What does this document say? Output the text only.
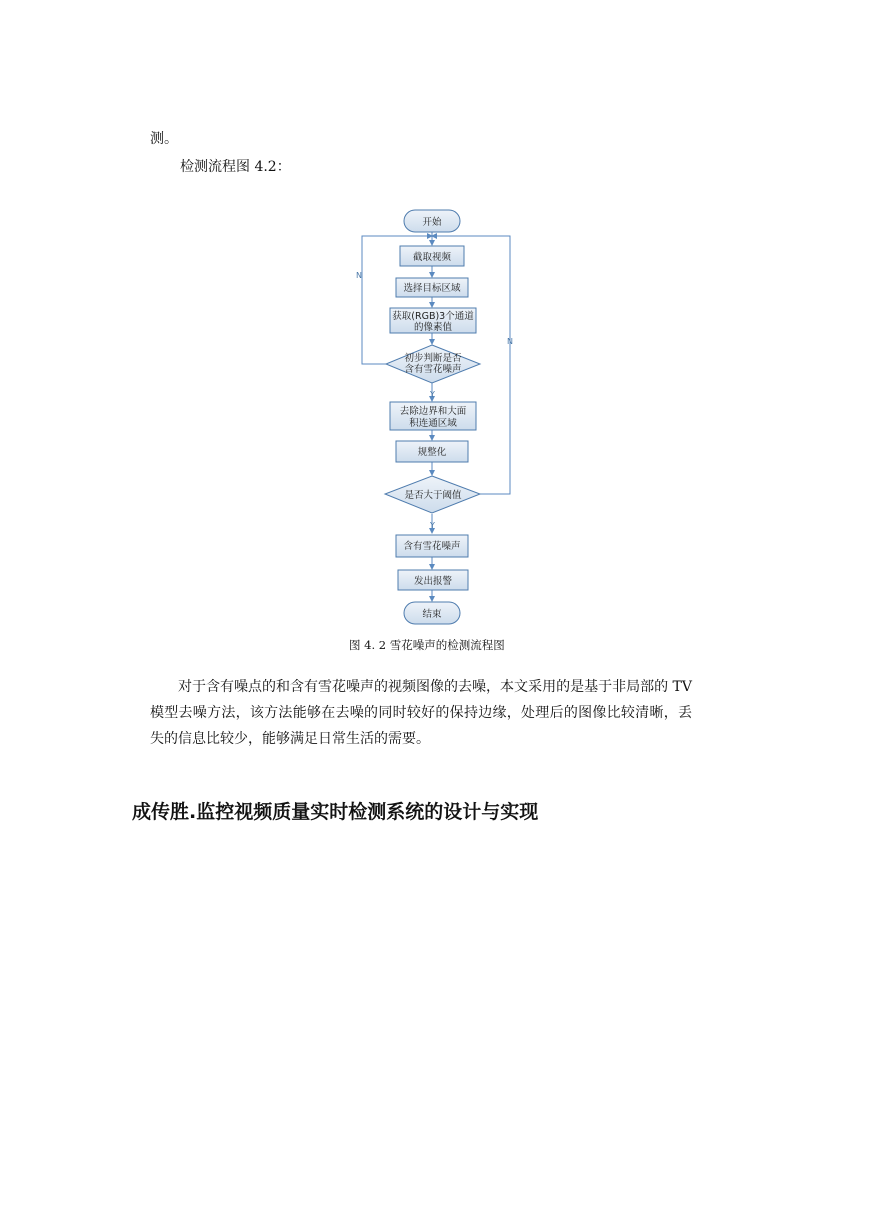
测。
检测流程图 4.2：
开始
截取视频
选择目标区域
获取(RGB)3个通道
的像素值
初步判断是否
含有雪花噪声
去除边界和大面
积连通区域
规整化
是否大于阈值
含有雪花噪声
发出报警
结束
N
N
Y
Y
图 4. 2 雪花噪声的检测流程图

对于含有噪点的和含有雪花噪声的视频图像的去噪，本文采用的是基于非局部的 TV 模型去噪方法，该方法能够在去噪的同时较好的保持边缘，处理后的图像比较清晰，丢失的信息比较少，能够满足日常生活的需要。

成传胜.监控视频质量实时检测系统的设计与实现
